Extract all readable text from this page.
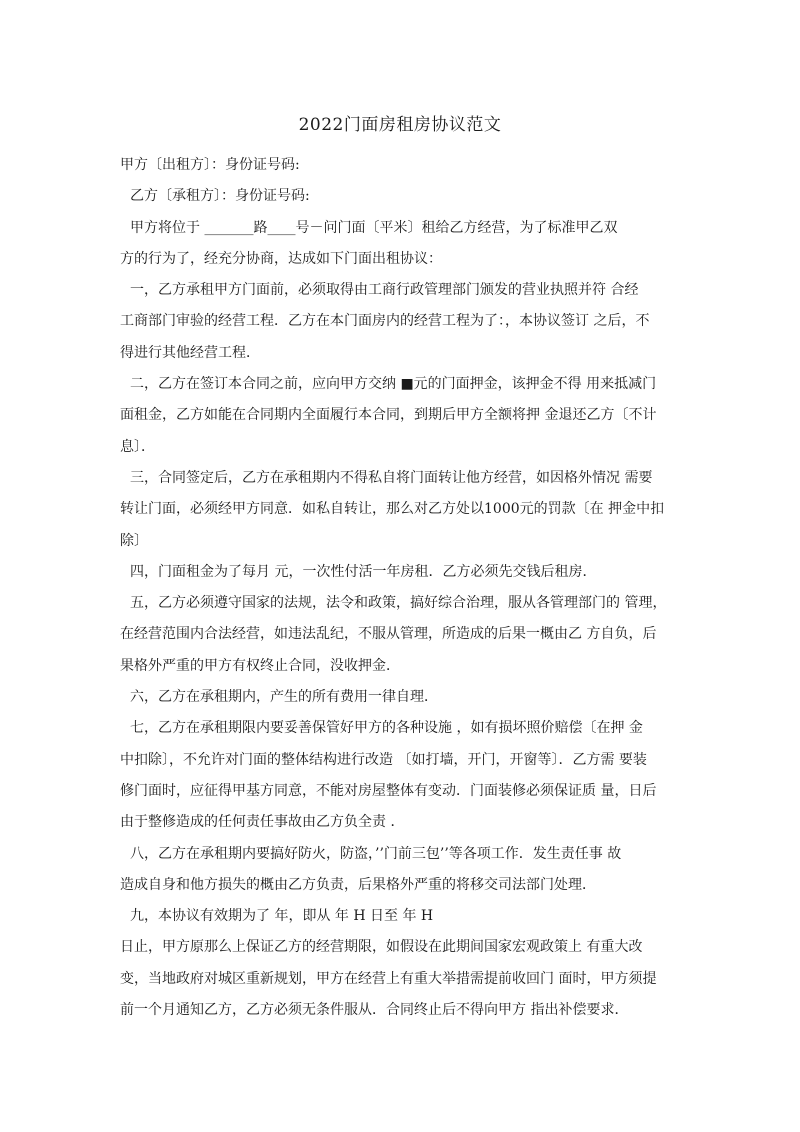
2022门面房租房协议范文
甲方〔出租方〕：身份证号码:
乙方〔承租方〕：身份证号码:
甲方将位于 _______路____号－问门面〔平米〕租给乙方经营，为了标准甲乙双
方的行为了，经充分协商，达成如下门面出租协议：
一，乙方承租甲方门面前，必须取得由工商行政管理部门颁发的营业执照并符 合经
工商部门审验的经营工程．乙方在本门面房内的经营工程为了：，本协议签订 之后，不
得进行其他经营工程．
二，乙方在签订本合同之前，应向甲方交纳 ■元的门面押金，该押金不得 用来抵减门
面租金，乙方如能在合同期内全面履行本合同，到期后甲方全额将押 金退还乙方〔不计
息〕．
三，合同签定后，乙方在承租期内不得私自将门面转让他方经营，如因格外情况 需要
转让门面，必须经甲方同意．如私自转让，那么对乙方处以1000元的罚款〔在 押金中扣
除〕
四，门面租金为了每月 元，一次性付活一年房租．乙方必须先交钱后租房．
五，乙方必须遵守国家的法规，法令和政策，搞好综合治理，服从各管理部门的 管理，
在经营范围内合法经营，如违法乱纪，不服从管理，所造成的后果一概由乙 方自负，后
果格外严重的甲方有权终止合同，没收押金．
六，乙方在承租期内，产生的所有费用一律自理．
七，乙方在承租期限内要妥善保管好甲方的各种设施 ，如有损坏照价赔偿〔在押 金
中扣除〕，不允许对门面的整体结构进行改造 〔如打墙，开门，开窗等〕．乙方需 要装
修门面时，应征得甲基方同意，不能对房屋整体有变动．门面装修必须保证质 量，日后
由于整修造成的任何责任事故由乙方负全责 ．
八，乙方在承租期内要搞好防火，防盗，’’门前三包’’等各项工作．发生责任事 故
造成自身和他方损失的概由乙方负责，后果格外严重的将移交司法部门处理．
九，本协议有效期为了 年，即从 年 H 日至 年 H
日止，甲方原那么上保证乙方的经营期限，如假设在此期间国家宏观政策上 有重大改
变，当地政府对城区重新规划，甲方在经营上有重大举措需提前收回门 面时，甲方须提
前一个月通知乙方，乙方必须无条件服从．合同终止后不得向甲方 指出补偿要求．
